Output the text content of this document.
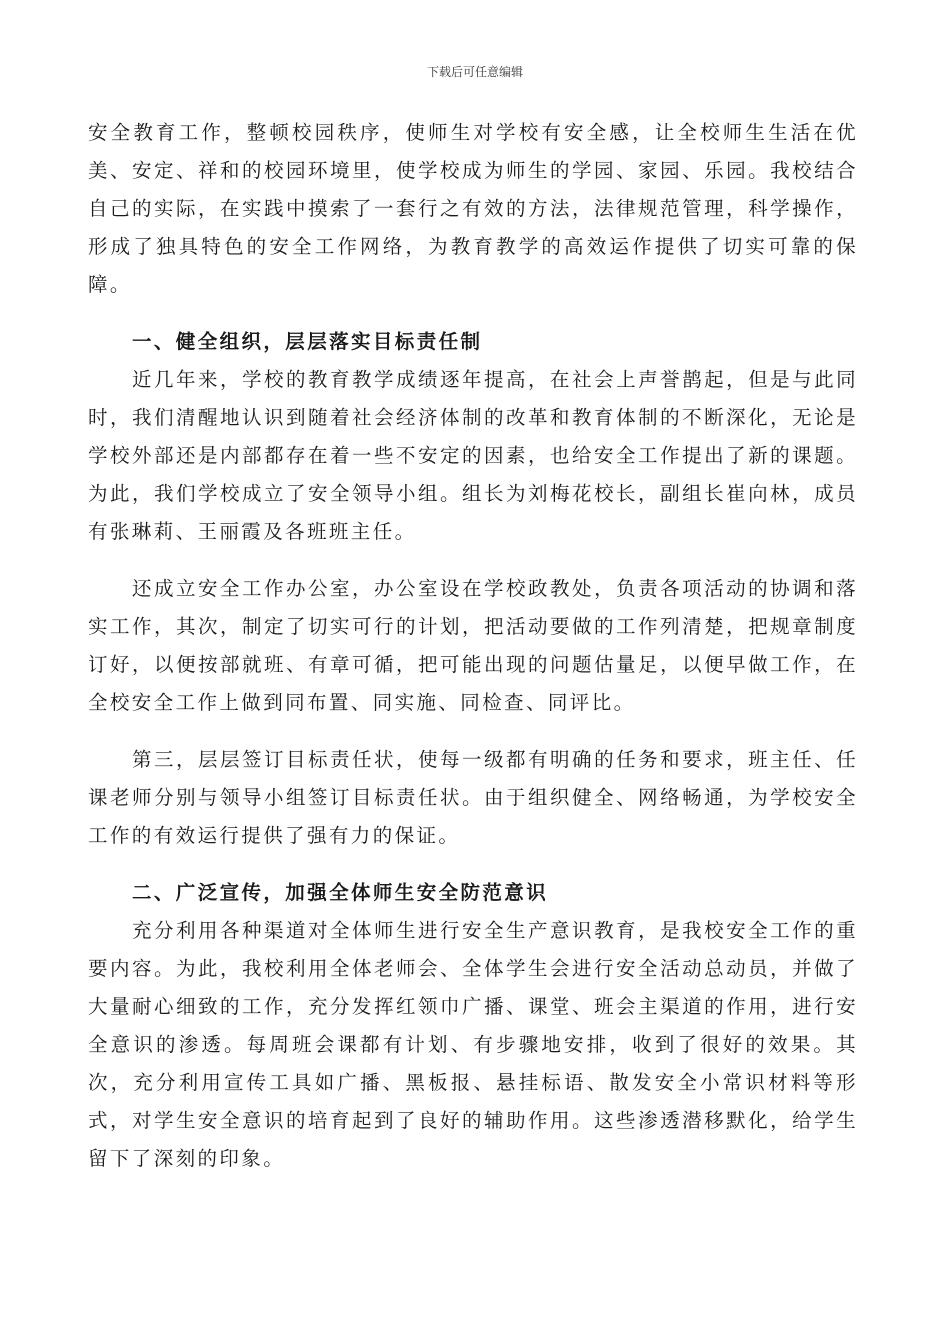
下载后可任意编辑

安全教育工作，整顿校园秩序，使师生对学校有安全感，让全校师生生活在优美、安定、祥和的校园环境里，使学校成为师生的学园、家园、乐园。我校结合自己的实际，在实践中摸索了一套行之有效的方法，法律规范管理，科学操作，形成了独具特色的安全工作网络，为教育教学的高效运作提供了切实可靠的保障。

一、健全组织，层层落实目标责任制

近几年来，学校的教育教学成绩逐年提高，在社会上声誉鹊起，但是与此同时，我们清醒地认识到随着社会经济体制的改革和教育体制的不断深化，无论是学校外部还是内部都存在着一些不安定的因素，也给安全工作提出了新的课题。为此，我们学校成立了安全领导小组。组长为刘梅花校长，副组长崔向林，成员有张琳莉、王丽霞及各班班主任。

还成立安全工作办公室，办公室设在学校政教处，负责各项活动的协调和落实工作，其次，制定了切实可行的计划，把活动要做的工作列清楚，把规章制度订好，以便按部就班、有章可循，把可能出现的问题估量足，以便早做工作，在全校安全工作上做到同布置、同实施、同检查、同评比。

第三，层层签订目标责任状，使每一级都有明确的任务和要求，班主任、任课老师分别与领导小组签订目标责任状。由于组织健全、网络畅通，为学校安全工作的有效运行提供了强有力的保证。

二、广泛宣传，加强全体师生安全防范意识

充分利用各种渠道对全体师生进行安全生产意识教育，是我校安全工作的重要内容。为此，我校利用全体老师会、全体学生会进行安全活动总动员，并做了大量耐心细致的工作，充分发挥红领巾广播、课堂、班会主渠道的作用，进行安全意识的渗透。每周班会课都有计划、有步骤地安排，收到了很好的效果。其次，充分利用宣传工具如广播、黑板报、悬挂标语、散发安全小常识材料等形式，对学生安全意识的培育起到了良好的辅助作用。这些渗透潜移默化，给学生留下了深刻的印象。
